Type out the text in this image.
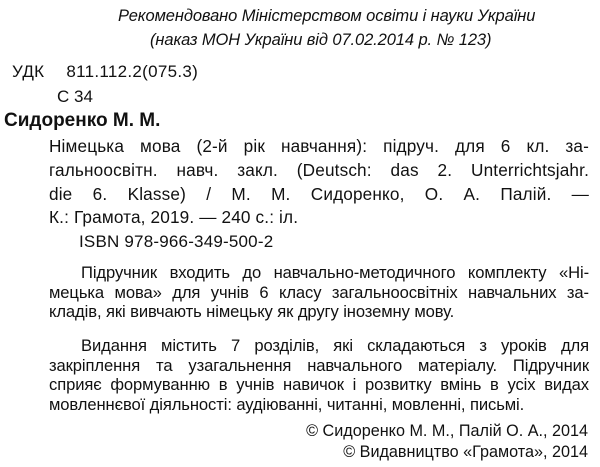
Рекомендовано Міністерством освіти і науки України
(наказ МОН України від 07.02.2014 р. № 123)
УДК 811.112.2(075.3)
С 34
Сидоренко М. М.
Німецька мова (2-й рік навчання): підруч. для 6 кл. за-
гальноосвітн. навч. закл. (Deutsch: das 2. Unterrichtsjahr.
die 6. Klasse) / М. М. Сидоренко, О. А. Палій. —
К.: Грамота, 2019. — 240 с.: іл.
ISBN 978-966-349-500-2
Підручник входить до навчально-методичного комплекту «Ні-
мецька мова» для учнів 6 класу загальноосвітніх навчальних за-
кладів, які вивчають німецьку як другу іноземну мову.
Видання містить 7 розділів, які складаються з уроків для
закріплення та узагальнення навчального матеріалу. Підручник
сприяє формуванню в учнів навичок і розвитку вмінь в усіх видах
мовленнєвої діяльності: аудіюванні, читанні, мовленні, письмі.
© Сидоренко М. М., Палій О. А., 2014
© Видавництво «Грамота», 2014
